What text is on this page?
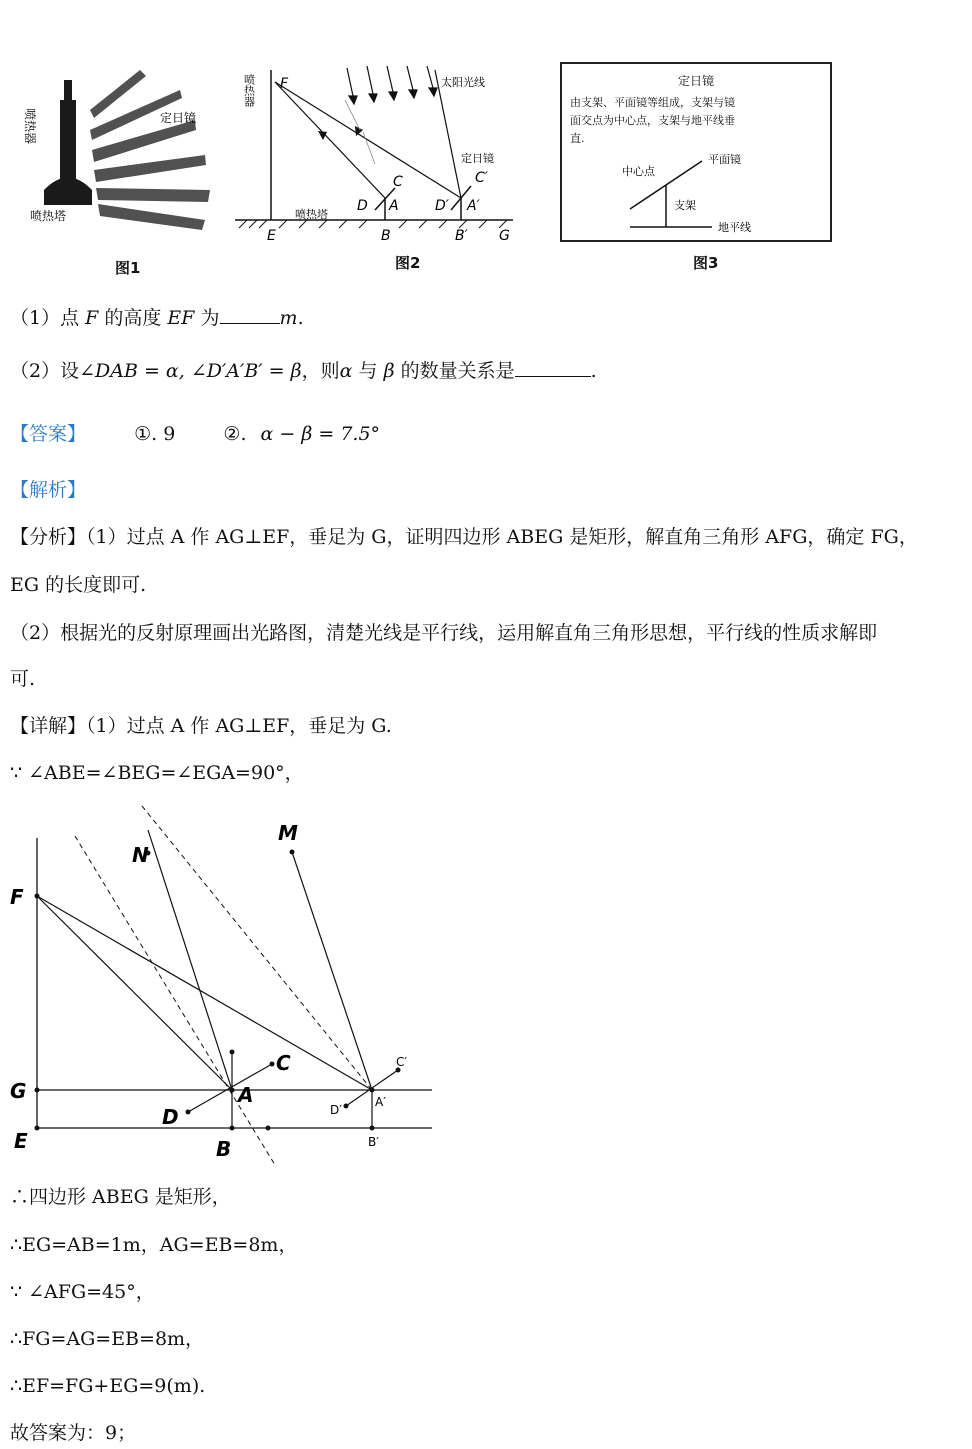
喷热器	定日镜
喷热塔
图1
F
喷热器	太阳光线
定日镜
喷热塔
E	B	B′ G
D A
C
D′ A′
C′
图2
定日镜
由支架、平面镜等组成，支架与镜
面交点为中心点，支架与地平线垂
直.
中心点
平面镜
支架
地平线
图3
（1）点 F 的高度 EF 为	m.
（2）设∠DAB = α, ∠D′A′B′ = β，则α 与 β 的数量关系是	.
【答案】	①. 9	②. α − β = 7.5°
【解析】
【分析】（1）过点 A 作 AG⊥EF，垂足为 G，证明四边形 ABEG 是矩形，解直角三角形 AFG，确定 FG，
EG 的长度即可.
（2）根据光的反射原理画出光路图，清楚光线是平行线，运用解直角三角形思想，平行线的性质求解即
可.
【详解】（1）过点 A 作 AG⊥EF，垂足为 G.
∵ ∠ABE=∠BEG=∠EGA=90°，
F
G
E
N
M
C
A
D
B
C′
D′
A′
B′
∴四边形 ABEG 是矩形，
∴EG=AB=1m，AG=EB=8m，
∵ ∠AFG=45°，
∴FG=AG=EB=8m，
∴EF=FG+EG=9(m).
故答案为：9；
